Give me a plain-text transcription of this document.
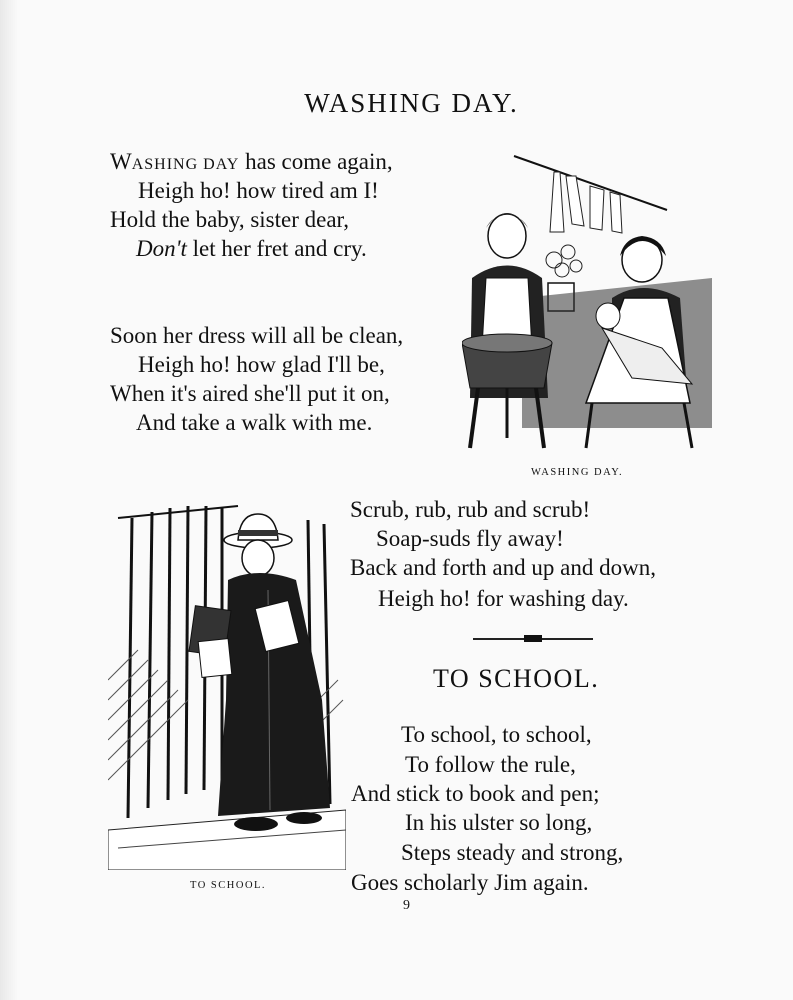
WASHING DAY.
WASHING DAY has come again,
Heigh ho! how tired am I!
Hold the baby, sister dear,
Don't let her fret and cry.
Soon her dress will all be clean,
Heigh ho! how glad I'll be,
When it's aired she'll put it on,
And take a walk with me.
WASHING DAY.
Scrub, rub, rub and scrub!
Soap-suds fly away!
Back and forth and up and down,
Heigh ho! for washing day.
TO SCHOOL.
TO SCHOOL.
To school, to school,
To follow the rule,
And stick to book and pen;
In his ulster so long,
Steps steady and strong,
Goes scholarly Jim again.
9
